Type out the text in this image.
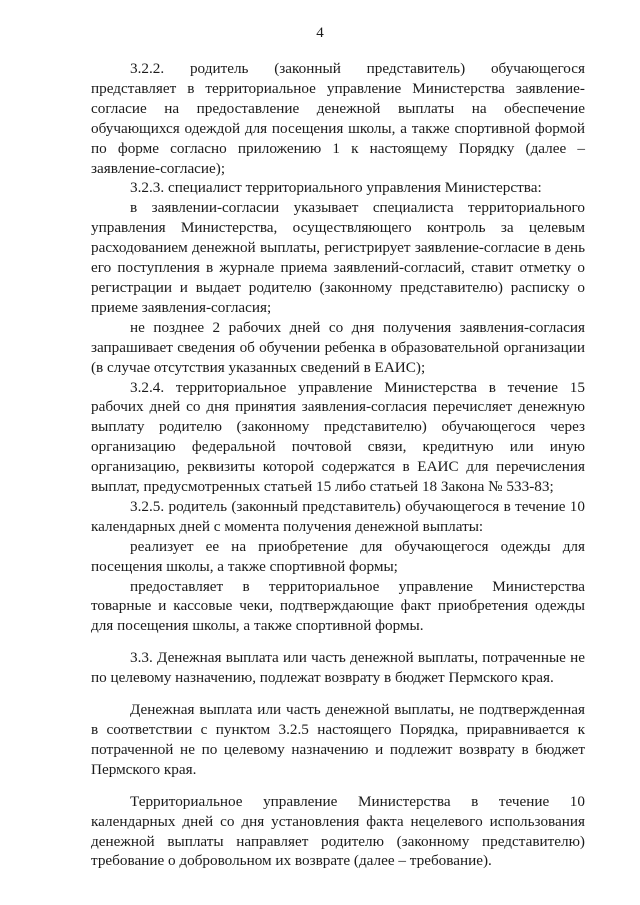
4

3.2.2. родитель (законный представитель) обучающегося представляет в территориальное управление Министерства заявление-согласие на предоставление денежной выплаты на обеспечение обучающихся одеждой для посещения школы, а также спортивной формой по форме согласно приложению 1 к настоящему Порядку (далее – заявление-согласие);

3.2.3. специалист территориального управления Министерства:

в заявлении-согласии указывает специалиста территориального управления Министерства, осуществляющего контроль за целевым расходованием денежной выплаты, регистрирует заявление-согласие в день его поступления в журнале приема заявлений-согласий, ставит отметку о регистрации и выдает родителю (законному представителю) расписку о приеме заявления-согласия;

не позднее 2 рабочих дней со дня получения заявления-согласия запрашивает сведения об обучении ребенка в образовательной организации (в случае отсутствия указанных сведений в ЕАИС);

3.2.4. территориальное управление Министерства в течение 15 рабочих дней со дня принятия заявления-согласия перечисляет денежную выплату родителю (законному представителю) обучающегося через организацию федеральной почтовой связи, кредитную или иную организацию, реквизиты которой содержатся в ЕАИС для перечисления выплат, предусмотренных статьей 15 либо статьей 18 Закона № 533-83;

3.2.5. родитель (законный представитель) обучающегося в течение 10 календарных дней с момента получения денежной выплаты:

реализует ее на приобретение для обучающегося одежды для посещения школы, а также спортивной формы;

предоставляет в территориальное управление Министерства товарные и кассовые чеки, подтверждающие факт приобретения одежды для посещения школы, а также спортивной формы.

3.3. Денежная выплата или часть денежной выплаты, потраченные не по целевому назначению, подлежат возврату в бюджет Пермского края.

Денежная выплата или часть денежной выплаты, не подтвержденная в соответствии с пунктом 3.2.5 настоящего Порядка, приравнивается к потраченной не по целевому назначению и подлежит возврату в бюджет Пермского края.

Территориальное управление Министерства в течение 10 календарных дней со дня установления факта нецелевого использования денежной выплаты направляет родителю (законному представителю) требование о добровольном их возврате (далее – требование).
